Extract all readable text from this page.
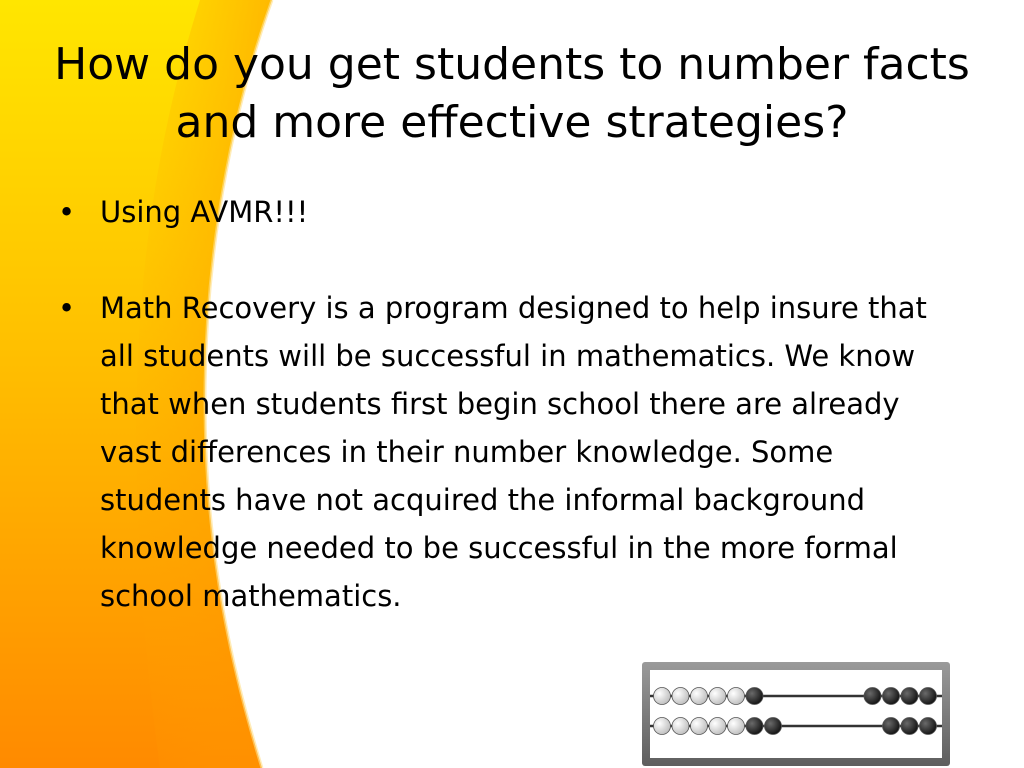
How do you get students to number facts and more effective strategies?
• Using AVMR!!!
• Math Recovery is a program designed to help insure that all students will be successful in mathematics. We know that when students first begin school there are already vast differences in their number knowledge. Some students have not acquired the informal background knowledge needed to be successful in the more formal school mathematics.
